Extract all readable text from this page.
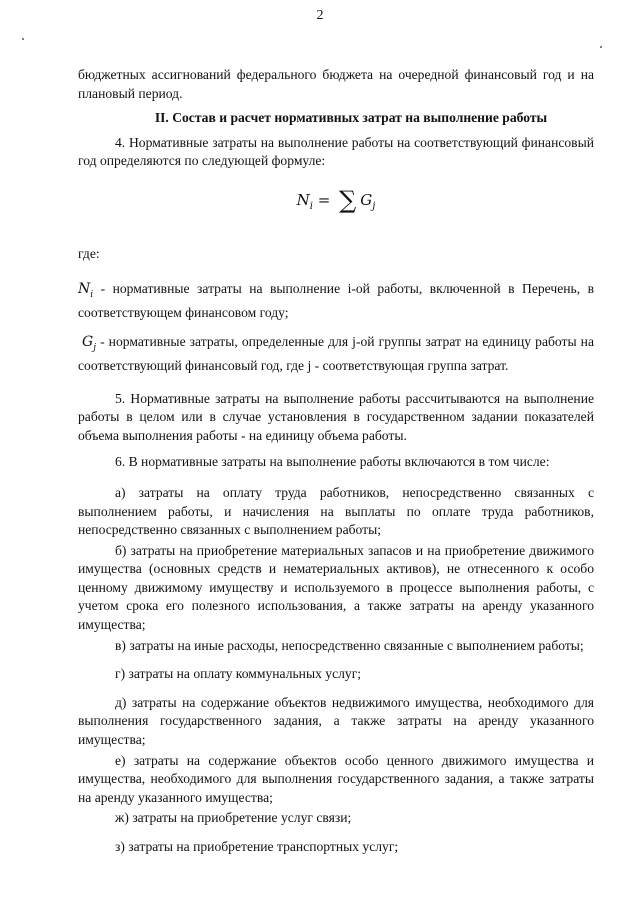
2

бюджетных ассигнований федерального бюджета на очередной финансовый год и на плановый период.

II. Состав и расчет нормативных затрат на выполнение работы

4. Нормативные затраты на выполнение работы на соответствующий финансовый год определяются по следующей формуле:

$N_i$ = ∑ $G_j$

где:

$N_i$ - нормативные затраты на выполнение i-ой работы, включенной в Перечень, в соответствующем финансовом году;

$G_j$ - нормативные затраты, определенные для j-ой группы затрат на единицу работы на соответствующий финансовый год, где j - соответствующая группа затрат.

5. Нормативные затраты на выполнение работы рассчитываются на выполнение работы в целом или в случае установления в государственном задании показателей объема выполнения работы - на единицу объема работы.

6. В нормативные затраты на выполнение работы включаются в том числе:

а) затраты на оплату труда работников, непосредственно связанных с выполнением работы, и начисления на выплаты по оплате труда работников, непосредственно связанных с выполнением работы;

б) затраты на приобретение материальных запасов и на приобретение движимого имущества (основных средств и нематериальных активов), не отнесенного к особо ценному движимому имуществу и используемого в процессе выполнения работы, с учетом срока его полезного использования, а также затраты на аренду указанного имущества;

в) затраты на иные расходы, непосредственно связанные с выполнением работы;

г) затраты на оплату коммунальных услуг;

д) затраты на содержание объектов недвижимого имущества, необходимого для выполнения государственного задания, а также затраты на аренду указанного имущества;

е) затраты на содержание объектов особо ценного движимого имущества и имущества, необходимого для выполнения государственного задания, а также затраты на аренду указанного имущества;

ж) затраты на приобретение услуг связи;

з) затраты на приобретение транспортных услуг;
